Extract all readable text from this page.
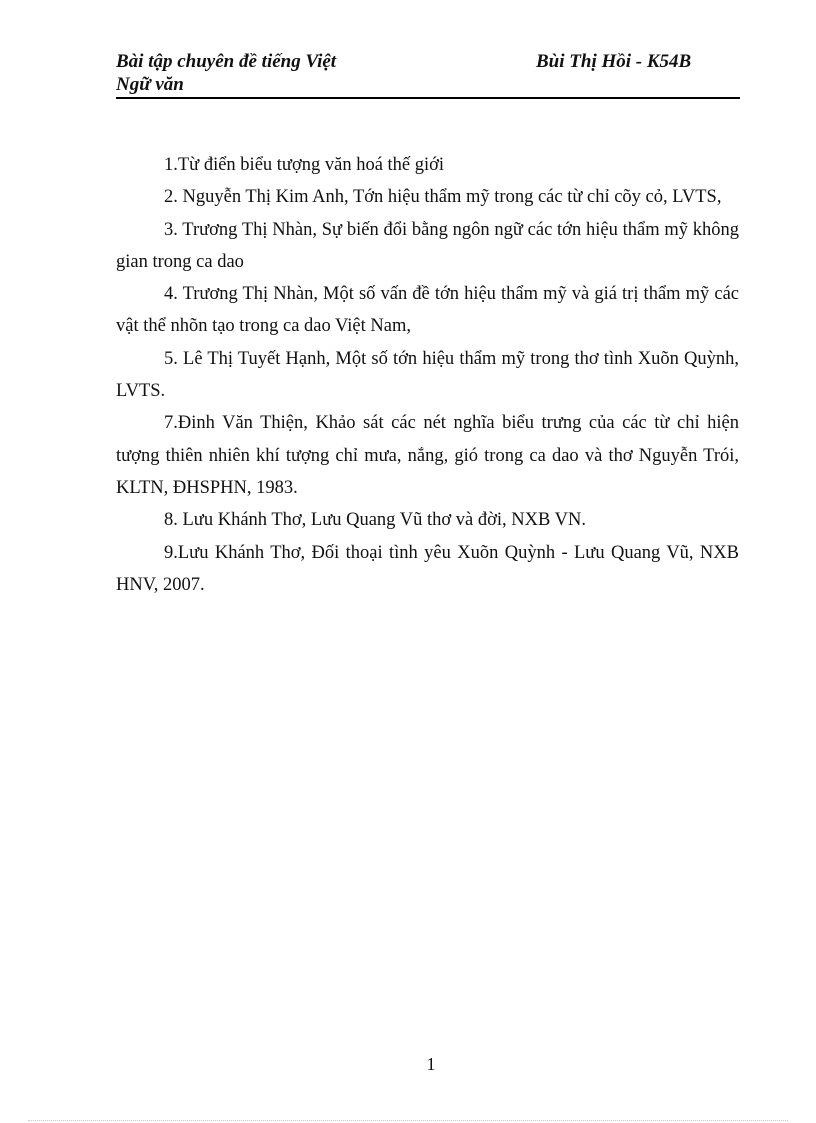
Bài tập chuyên đề tiếng Việt	Bùi Thị Hồi - K54B
Ngữ văn

1.Từ điển biểu tượng văn hoá thế giới

2. Nguyễn Thị Kim Anh, Tớn hiệu thẩm mỹ trong các từ chỉ cõy cỏ, LVTS,

3. Trương Thị Nhàn, Sự biến đổi bằng ngôn ngữ các tớn hiệu thẩm mỹ không gian trong ca dao

4. Trương Thị Nhàn, Một số vấn đề tớn hiệu thẩm mỹ và giá trị thẩm mỹ các vật thể nhõn tạo trong ca dao Việt Nam,

5. Lê Thị Tuyết Hạnh, Một số tớn hiệu thẩm mỹ trong thơ tình Xuõn Quỳnh, LVTS.

7.Đinh Văn Thiện, Khảo sát các nét nghĩa biểu trưng của các từ chỉ hiện tượng thiên nhiên khí tượng chỉ mưa, nắng, gió trong ca dao và thơ Nguyễn Trói, KLTN, ĐHSPHN, 1983.

8. Lưu Khánh Thơ, Lưu Quang Vũ thơ và đời, NXB VN.

9.Lưu Khánh Thơ, Đối thoại tình yêu Xuõn Quỳnh - Lưu Quang Vũ, NXB HNV, 2007.

1
